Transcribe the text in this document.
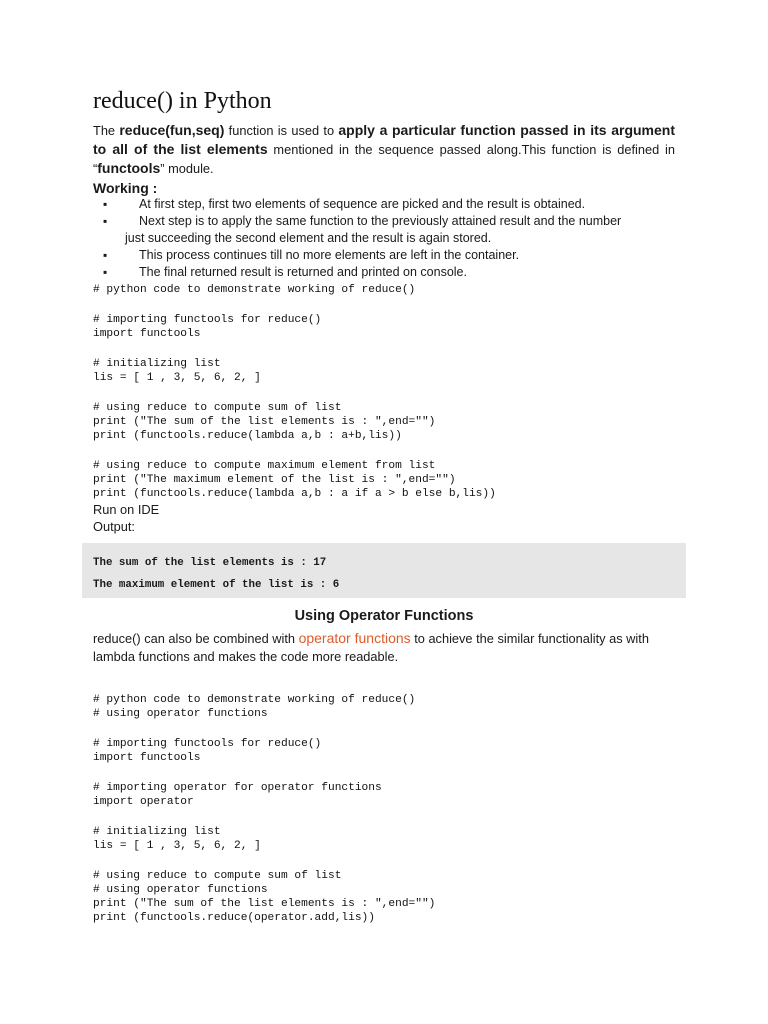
reduce() in Python

The reduce(fun,seq) function is used to apply a particular function passed in its argument to all of the list elements mentioned in the sequence passed along.This function is defined in “functools” module.

Working :

▪ At first step, first two elements of sequence are picked and the result is obtained.
▪ Next step is to apply the same function to the previously attained result and the number
just succeeding the second element and the result is again stored.
▪ This process continues till no more elements are left in the container.
▪ The final returned result is returned and printed on console.
# python code to demonstrate working of reduce()
# importing functools for reduce()
import functools
# initializing list
lis = [ 1 , 3, 5, 6, 2, ]
# using reduce to compute sum of list
print ("The sum of the list elements is : ",end="")
print (functools.reduce(lambda a,b : a+b,lis))
# using reduce to compute maximum element from list
print ("The maximum element of the list is : ",end="")
print (functools.reduce(lambda a,b : a if a > b else b,lis))

Run on IDE

Output:

The sum of the list elements is : 17
The maximum element of the list is : 6
Using Operator Functions

reduce() can also be combined with operator functions to achieve the similar functionality as with lambda functions and makes the code more readable.

# python code to demonstrate working of reduce()
# using operator functions
# importing functools for reduce()
import functools
# importing operator for operator functions
import operator
# initializing list
lis = [ 1 , 3, 5, 6, 2, ]
# using reduce to compute sum of list
# using operator functions
print ("The sum of the list elements is : ",end="")
print (functools.reduce(operator.add,lis))
